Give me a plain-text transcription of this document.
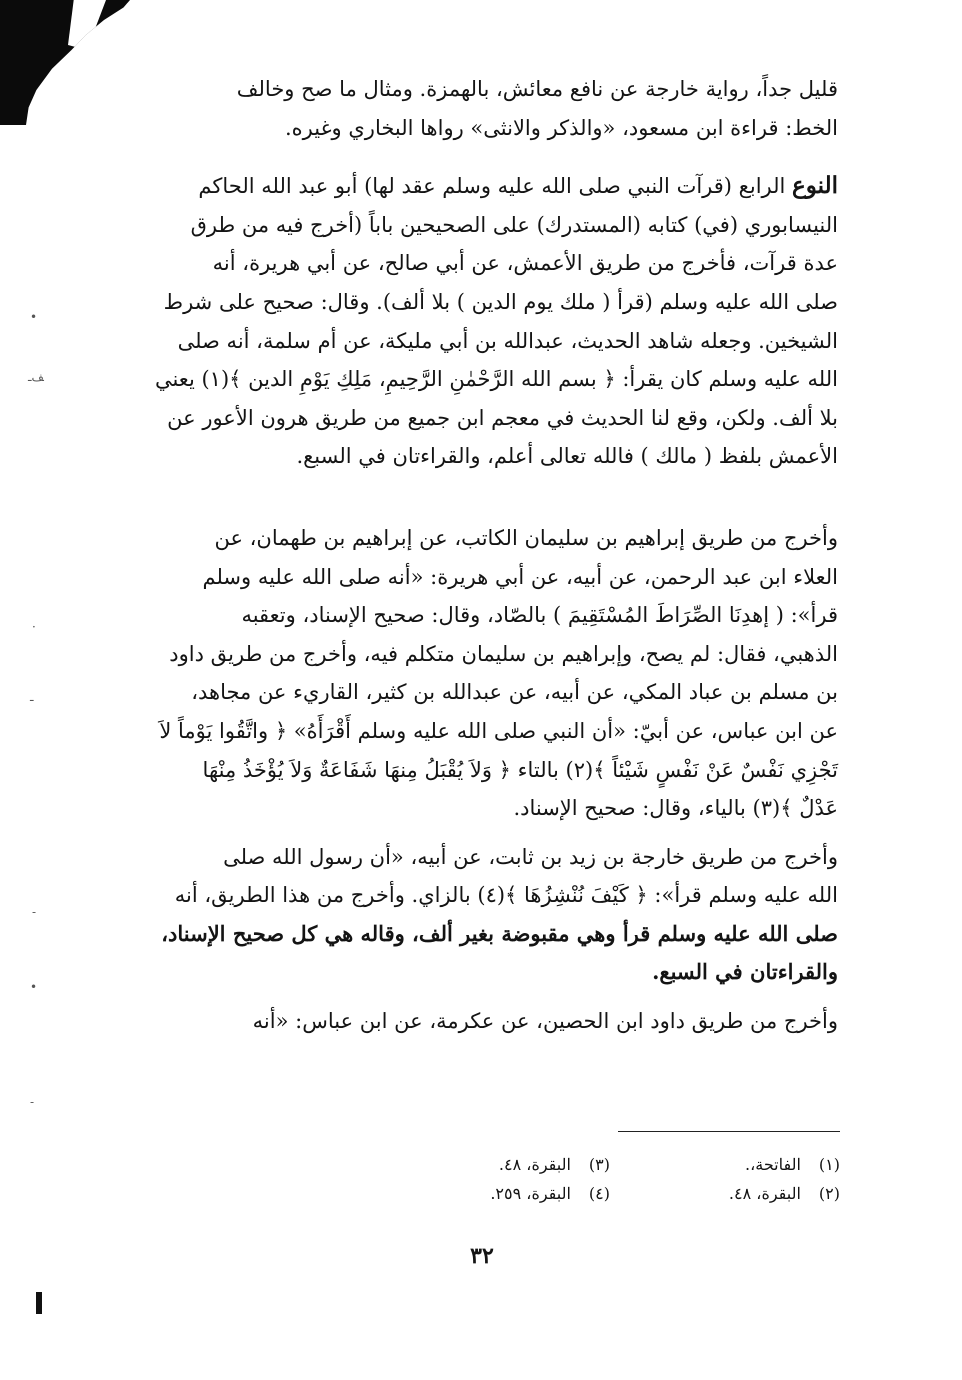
•
ـ‎ف
·
ـ
-
•
-

قليل جداً، رواية خارجة عن نافع معائش، بالهمزة. ومثال ما صح وخالف
الخط: قراءة ابن مسعود، «والذكر والانثى» رواها البخاري وغيره.

النوع الرابع (قرآت النبي صلى الله عليه وسلم عقد لها) أبو عبد الله الحاكم
النيسابوري (في) كتابه (المستدرك) على الصحيحين باباً (أخرج فيه من طرق
عدة قرآت، فأخرج من طريق الأعمش، عن أبي صالح، عن أبي هريرة، أنه
صلى الله عليه وسلم (قرأ ( ملك يوم الدين ) بلا ألف). وقال: صحيح على شرط
الشيخين. وجعله شاهد الحديث، عبدالله بن أبي مليكة، عن أم سلمة، أنه صلى
الله عليه وسلم كان يقرأ: ﴿ بسم الله الرَّحْمٰنِ الرَّحِيمِ، مَلِكِ يَوْمِ الدين ﴾(١) يعني
بلا ألف. ولكن، وقع لنا الحديث في معجم ابن جميع من طريق هرون الأعور عن
الأعمش بلفظ ( مالك ) فالله تعالى أعلم، والقراءتان في السبع.

وأخرج من طريق إبراهيم بن سليمان الكاتب، عن إبراهيم بن طهمان، عن
العلاء ابن عبد الرحمن، عن أبيه، عن أبي هريرة: «أنه صلى الله عليه وسلم
قرأ»: ( إهدِنَا الصِّرَاطَ المُسْتَقِيمَ ) بالصّاد، وقال: صحيح الإسناد، وتعقبه
الذهبي، فقال: لم يصح، وإبراهيم بن سليمان متكلم فيه، وأخرج من طريق داود
بن مسلم بن عباد المكي، عن أبيه، عن عبدالله بن كثير، القاريء عن مجاهد،
عن ابن عباس، عن أبيّ: «أن النبي صلى الله عليه وسلم أَقْرَأَهُ» ﴿ واتَّقُوا يَوْماً لاَ
تَجْزِي نَفْسٌ عَنْ نَفْسٍ شَيْئاً ﴾(٢) بالتاء ﴿ وَلاَ يُقْبَلُ مِنهَا شَفَاعَةٌ وَلاَ يُؤْخَذُ مِنْهَا
عَدْلٌ ﴾(٣) بالياء، وقال: صحيح الإسناد.

وأخرج من طريق خارجة بن زيد بن ثابت، عن أبيه، «أن رسول الله صلى
الله عليه وسلم قرأ»: ﴿ كَيْفَ نُنْشِزُهَا ﴾(٤) بالزاي. وأخرج من هذا الطريق، أنه
صلى الله عليه وسلم قرأ وهي مقبوضة بغير ألف، وقاله هي كل صحيح الإسناد،
والقراءتان في السبع.

وأخرج من طريق داود ابن الحصين، عن عكرمة، عن ابن عباس: «أنه

(١) الفاتحة،.
(٢) البقرة، ٤٨.
(٣) البقرة، ٤٨.
(٤) البقرة، ٢٥٩.
٣٢
